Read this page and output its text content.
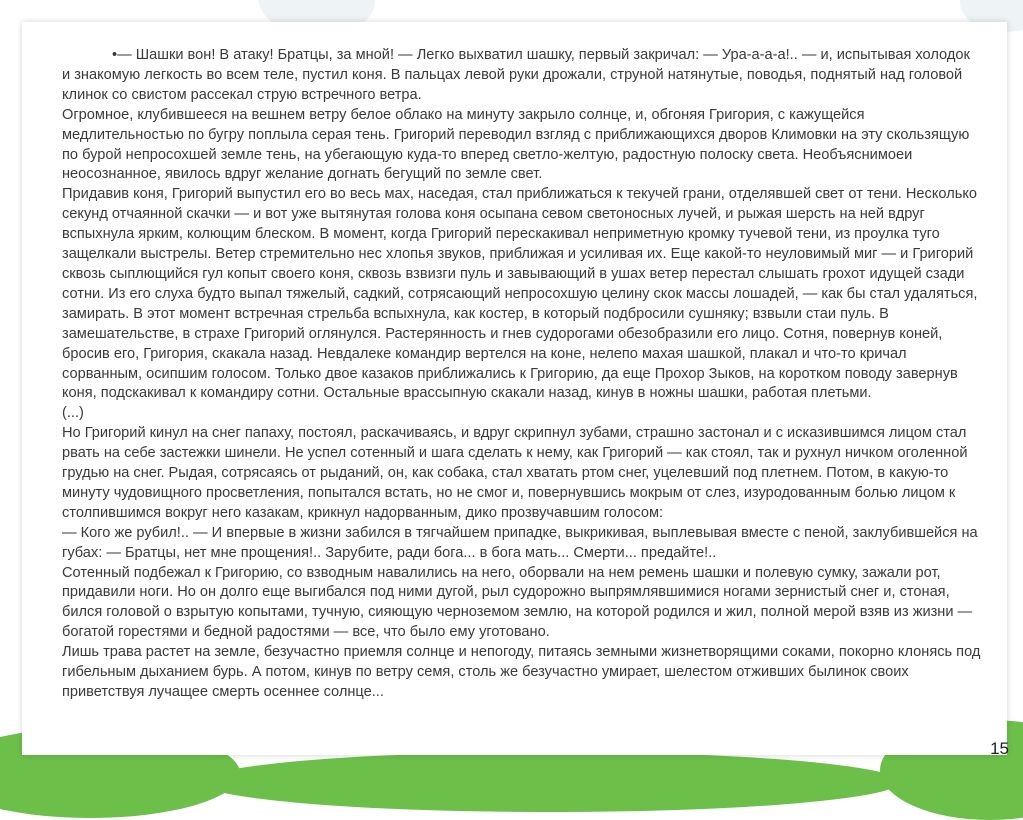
•— Шашки вон! В атаку! Братцы, за мной! — Легко выхватил шашку, первый закричал: — Ура-а-а-а!.. — и, испытывая холодок и знакомую легкость во всем теле, пустил коня. В пальцах левой руки дрожали, струной натянутые, поводья, поднятый над головой клинок со свистом рассекал струю встречного ветра.

Огромное, клубившееся на вешнем ветру белое облако на минуту закрыло солнце, и, обгоняя Григория, с кажущейся медлительностью по бугру поплыла серая тень. Григорий переводил взгляд с приближающихся дворов Климовки на эту скользящую по бурой непросохшей земле тень, на убегающую куда-то вперед светло-желтую, радостную полоску света. Необъяснимоеи неосознанное, явилось вдруг желание догнать бегущий по земле свет.

Придавив коня, Григорий выпустил его во весь мах, наседая, стал приближаться к текучей грани, отделявшей свет от тени. Несколько секунд отчаянной скачки — и вот уже вытянутая голова коня осыпана севом светоносных лучей, и рыжая шерсть на ней вдруг вспыхнула ярким, колющим блеском. В момент, когда Григорий перескакивал неприметную кромку тучевой тени, из проулка туго защелкали выстрелы. Ветер стремительно нес хлопья звуков, приближая и усиливая их. Еще какой-то неуловимый миг — и Григорий сквозь сыплющийся гул копыт своего коня, сквозь взвизги пуль и завывающий в ушах ветер перестал слышать грохот идущей сзади сотни. Из его слуха будто выпал тяжелый, садкий, сотрясающий непросохшую целину скок массы лошадей, — как бы стал удаляться, замирать. В этот момент встречная стрельба вспыхнула, как костер, в который подбросили сушняку; взвыли стаи пуль. В замешательстве, в страхе Григорий оглянулся. Растерянность и гнев судорогами обезобразили его лицо. Сотня, повернув коней, бросив его, Григория, скакала назад. Невдалеке командир вертелся на коне, нелепо махая шашкой, плакал и что-то кричал сорванным, осипшим голосом. Только двое казаков приближались к Григорию, да еще Прохор Зыков, на коротком поводу завернув коня, подскакивал к командиру сотни. Остальные врассыпную скакали назад, кинув в ножны шашки, работая плетьми.

(...)

Но Григорий кинул на снег папаху, постоял, раскачиваясь, и вдруг скрипнул зубами, страшно застонал и с исказившимся лицом стал рвать на себе застежки шинели. Не успел сотенный и шага сделать к нему, как Григорий — как стоял, так и рухнул ничком оголенной грудью на снег. Рыдая, сотрясаясь от рыданий, он, как собака, стал хватать ртом снег, уцелевший под плетнем. Потом, в какую-то минуту чудовищного просветления, попытался встать, но не смог и, повернувшись мокрым от слез, изуродованным болью лицом к столпившимся вокруг него казакам, крикнул надорванным, дико прозвучавшим голосом:

— Кого же рубил!.. — И впервые в жизни забился в тягчайшем припадке, выкрикивая, выплевывая вместе с пеной, заклубившейся на губах: — Братцы, нет мне прощения!.. Зарубите, ради бога... в бога мать... Смерти... предайте!..

Сотенный подбежал к Григорию, со взводным навалились на него, оборвали на нем ремень шашки и полевую сумку, зажали рот, придавили ноги. Но он долго еще выгибался под ними дугой, рыл судорожно выпрямлявшимися ногами зернистый снег и, стоная, бился головой о взрытую копытами, тучную, сияющую черноземом землю, на которой родился и жил, полной мерой взяв из жизни — богатой горестями и бедной радостями — все, что было ему уготовано.

Лишь трава растет на земле, безучастно приемля солнце и непогоду, питаясь земными жизнетворящими соками, покорно клонясь под гибельным дыханием бурь. А потом, кинув по ветру семя, столь же безучастно умирает, шелестом отживших былинок своих приветствуя лучащее смерть осеннее солнце...

15
